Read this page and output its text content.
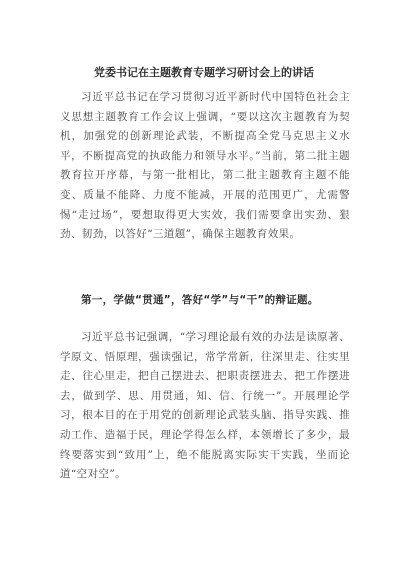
党委书记在主题教育专题学习研讨会上的讲话

习近平总书记在学习贯彻习近平新时代中国特色社会主义思想主题教育工作会议上强调，“要以这次主题教育为契机，加强党的创新理论武装，不断提高全党马克思主义水平，不断提高党的执政能力和领导水平。”当前，第二批主题教育拉开序幕，与第一批相比，第二批主题教育主题不能变、质量不能降、力度不能减，开展的范围更广，尤需警惕“走过场”，要想取得更大实效，我们需要拿出实劲、狠劲、韧劲，以答好“三道题”，确保主题教育效果。

第一，学做“贯通”，答好“学”与“干”的辩证题。

习近平总书记强调，“学习理论最有效的办法是读原著、学原文、悟原理，强读强记，常学常新，往深里走、往实里走、往心里走，把自己摆进去、把职责摆进去、把工作摆进去，做到学、思、用贯通，知、信、行统一”。开展理论学习，根本目的在于用党的创新理论武装头脑、指导实践、推动工作、造福于民，理论学得怎么样，本领增长了多少，最终要落实到“致用”上，绝不能脱离实际实干实践，坐而论道“空对空”。
